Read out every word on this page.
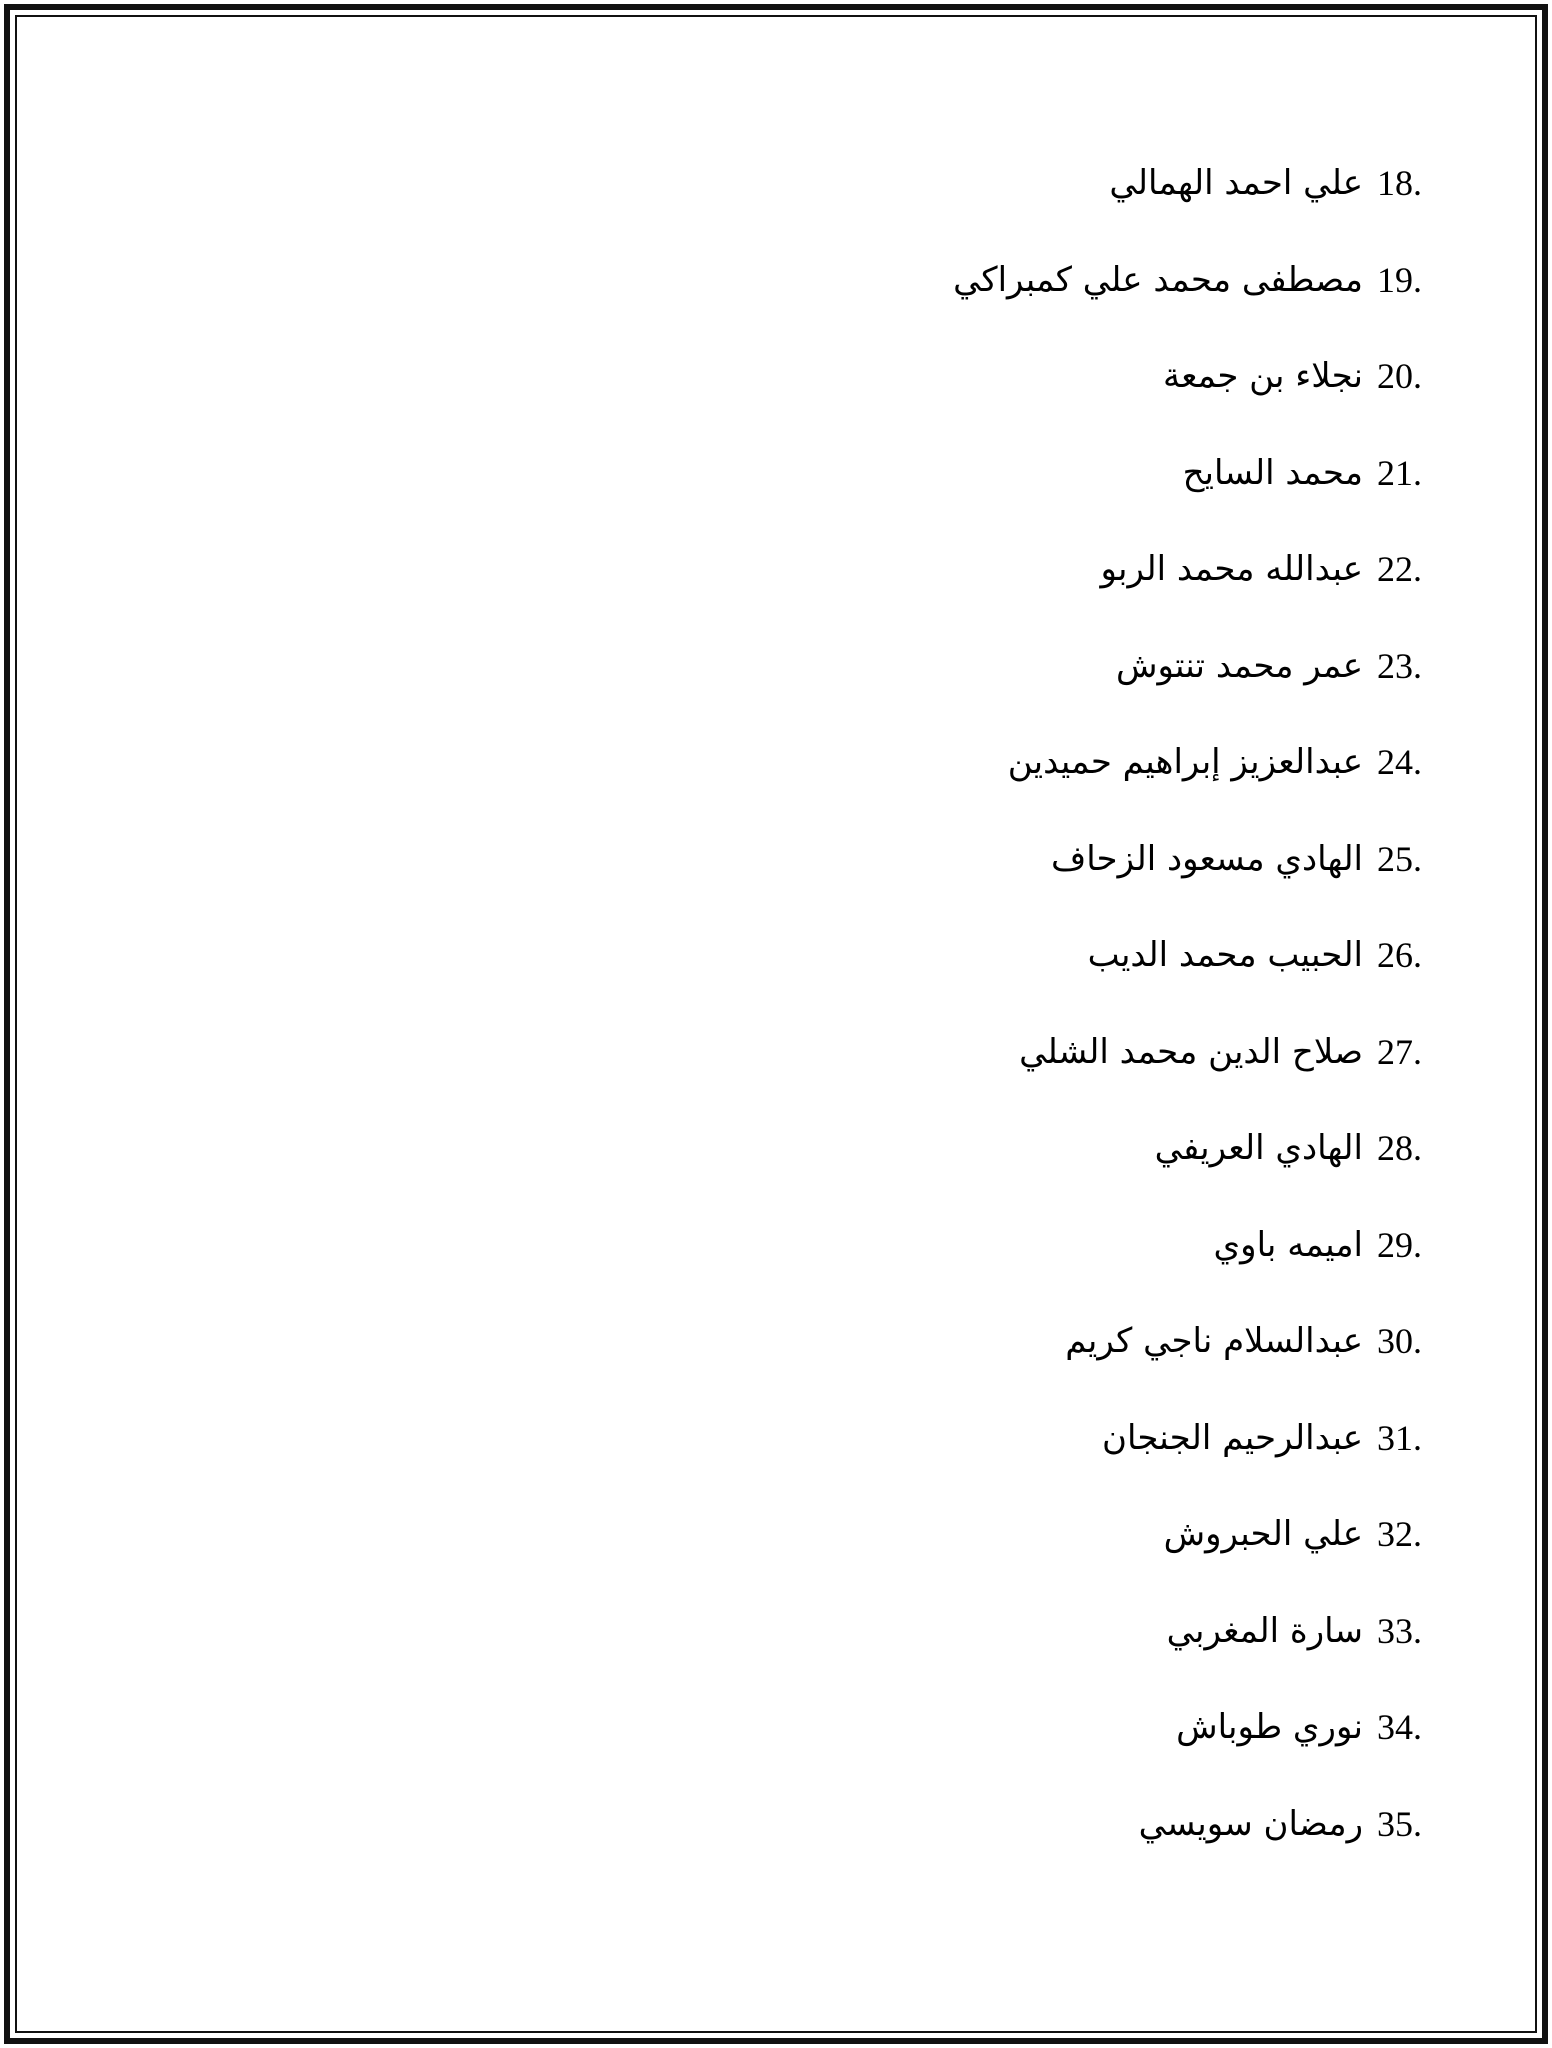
18.
علي احمد الهمالي
19.
مصطفى محمد علي كمبراكي
20.
نجلاء بن جمعة
21.
محمد السايح
22.
عبدالله محمد الربو
23.
عمر محمد تنتوش
24.
عبدالعزيز إبراهيم حميدين
25.
الهادي مسعود الزحاف
26.
الحبيب محمد الديب
27.
صلاح الدين محمد الشلي
28.
الهادي العريفي
29.
اميمه باوي
30.
عبدالسلام ناجي كريم
31.
عبدالرحيم الجنجان
32.
علي الحبروش
33.
سارة المغربي
34.
نوري طوباش
35.
رمضان سويسي
